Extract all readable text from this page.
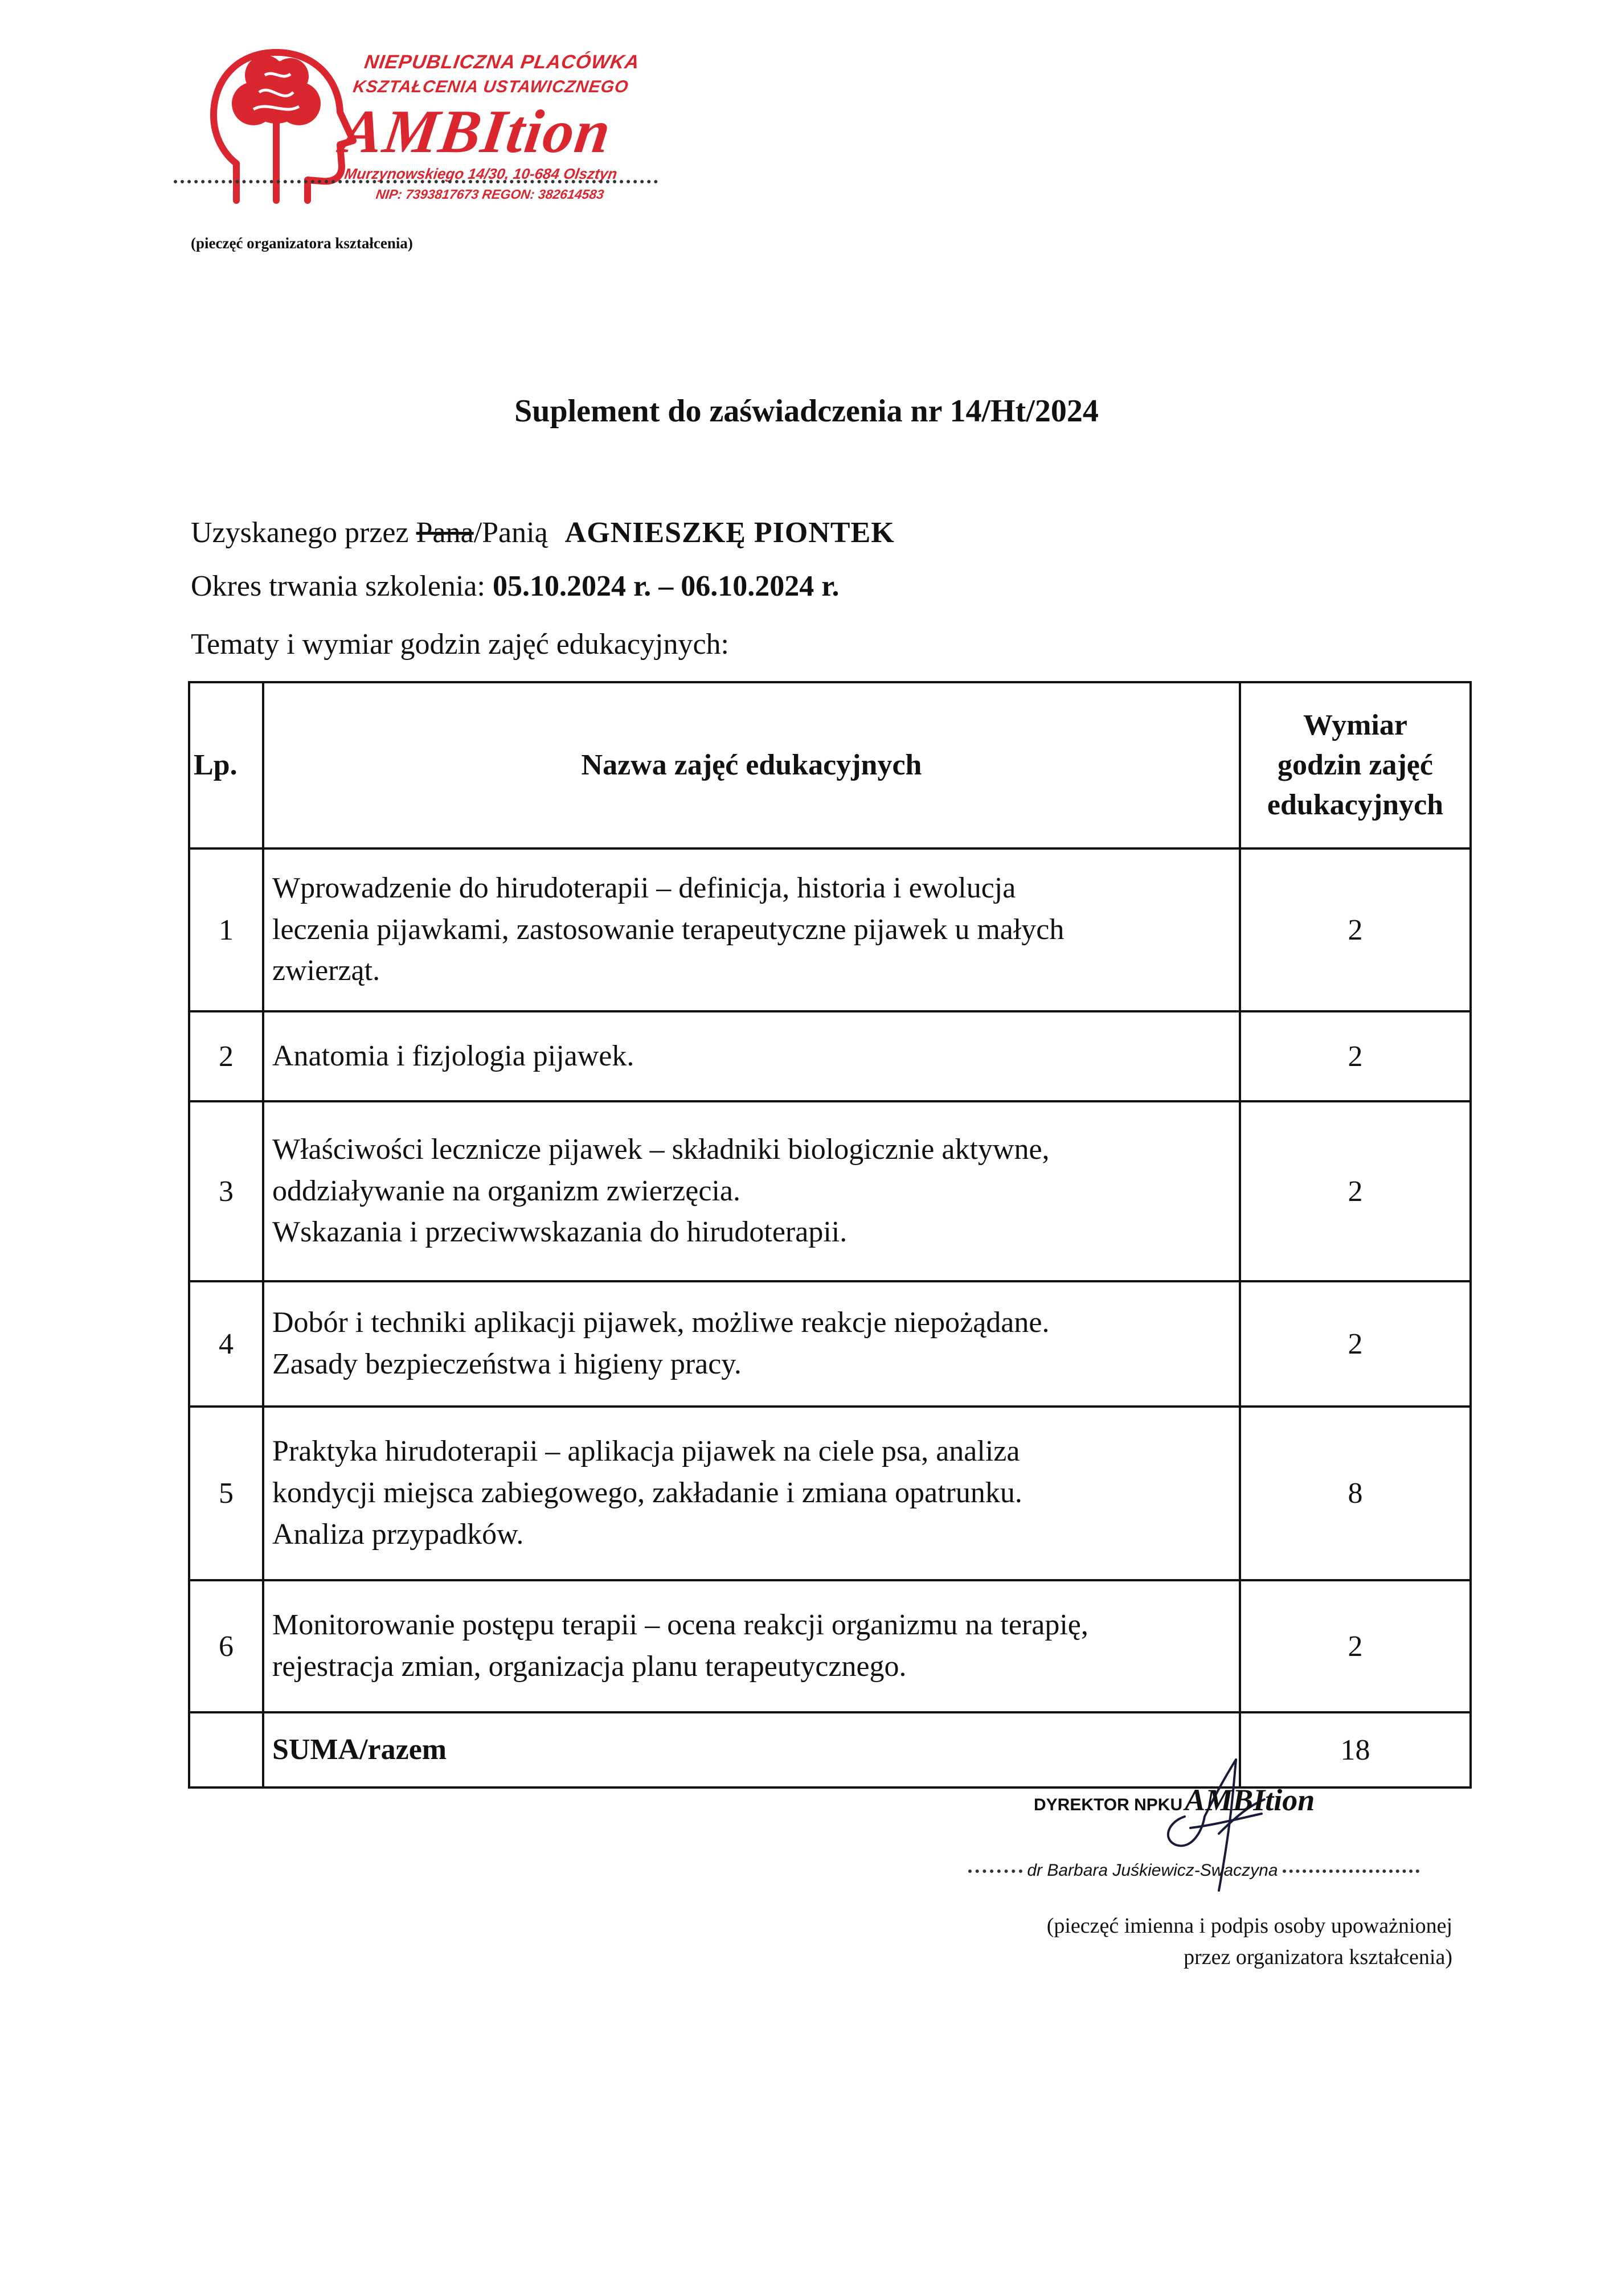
NIEPUBLICZNA PLACÓWKA
KSZTAŁCENIA USTAWICZNEGO
AMBItion
Murzynowskiego 14/30, 10-684 Olsztyn
NIP: 7393817673 REGON: 382614583
(pieczęć organizatora kształcenia)
Suplement do zaświadczenia nr 14/Ht/2024
Uzyskanego przez Pana/Panią AGNIESZKĘ PIONTEK
Okres trwania szkolenia: 05.10.2024 r. – 06.10.2024 r.
Tematy i wymiar godzin zajęć edukacyjnych:
Lp.	Nazwa zajęć edukacyjnych	Wymiar
godzin zajęć
edukacyjnych

1	Wprowadzenie do hirudoterapii – definicja, historia i ewolucja
leczenia pijawkami, zastosowanie terapeutyczne pijawek u małych
zwierząt.	2
2	Anatomia i fizjologia pijawek.	2
3	Właściwości lecznicze pijawek – składniki biologicznie aktywne,
oddziaływanie na organizm zwierzęcia.
Wskazania i przeciwwskazania do hirudoterapii.	2
4	Dobór i techniki aplikacji pijawek, możliwe reakcje niepożądane.
Zasady bezpieczeństwa i higieny pracy.	2
5	Praktyka hirudoterapii – aplikacja pijawek na ciele psa, analiza
kondycji miejsca zabiegowego, zakładanie i zmiana opatrunku.
Analiza przypadków.	8
6	Monitorowanie postępu terapii – ocena reakcji organizmu na terapię,
rejestracja zmian, organizacja planu terapeutycznego.	2
	SUMA/razem	18
DYREKTOR NPKUAMBItion
dr Barbara Juśkiewicz-Swaczyna
(pieczęć imienna i podpis osoby upoważnionej
przez organizatora kształcenia)
